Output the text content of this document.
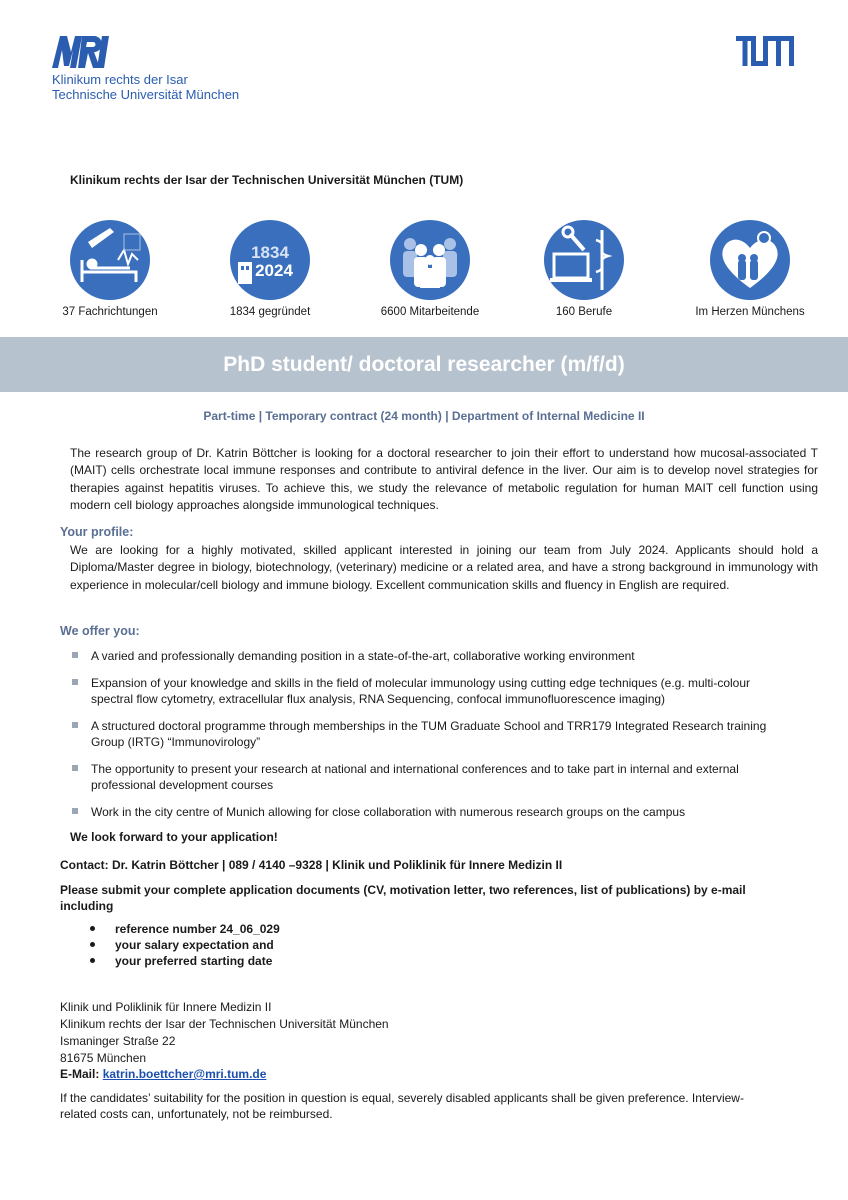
Klinikum rechts der Isar
Technische Universität München
Klinikum rechts der Isar der Technischen Universität München (TUM)
37 Fachrichtungen
1834
2024
1834 gegründet	6600 Mitarbeitende	160 Berufe	Im Herzen Münchens
PhD student/ doctoral researcher (m/f/d)
Part-time | Temporary contract (24 month) | Department of Internal Medicine II
The research group of Dr. Katrin Böttcher is looking for a doctoral researcher to join their effort to understand how mucosal-associated T (MAIT) cells orchestrate local immune responses and contribute to antiviral defence in the liver. Our aim is to develop novel strategies for therapies against hepatitis viruses. To achieve this, we study the relevance of metabolic regulation for human MAIT cell function using modern cell biology approaches alongside immunological techniques.
Your profile:
We are looking for a highly motivated, skilled applicant interested in joining our team from July 2024. Applicants should hold a Diploma/Master degree in biology, biotechnology, (veterinary) medicine or a related area, and have a strong background in immunology with experience in molecular/cell biology and immune biology. Excellent communication skills and fluency in English are required.
We offer you:
A varied and professionally demanding position in a state-of-the-art, collaborative working environment
Expansion of your knowledge and skills in the field of molecular immunology using cutting edge techniques (e.g. multi-colour spectral flow cytometry, extracellular flux analysis, RNA Sequencing, confocal immunofluorescence imaging)
A structured doctoral programme through memberships in the TUM Graduate School and TRR179 Integrated Research training Group (IRTG) “Immunovirology”
The opportunity to present your research at national and international conferences and to take part in internal and external professional development courses
Work in the city centre of Munich allowing for close collaboration with numerous research groups on the campus
We look forward to your application!
Contact: Dr. Katrin Böttcher | 089 / 4140 –9328 | Klinik und Poliklinik für Innere Medizin II
Please submit your complete application documents (CV, motivation letter, two references, list of publications) by e-mail including
reference number 24_06_029
your salary expectation and
your preferred starting date
Klinik und Poliklinik für Innere Medizin II
Klinikum rechts der Isar der Technischen Universität München
Ismaninger Straße 22
81675 München
E-Mail: katrin.boettcher@mri.tum.de
If the candidates’ suitability for the position in question is equal, severely disabled applicants shall be given preference. Interview-related costs can, unfortunately, not be reimbursed.
